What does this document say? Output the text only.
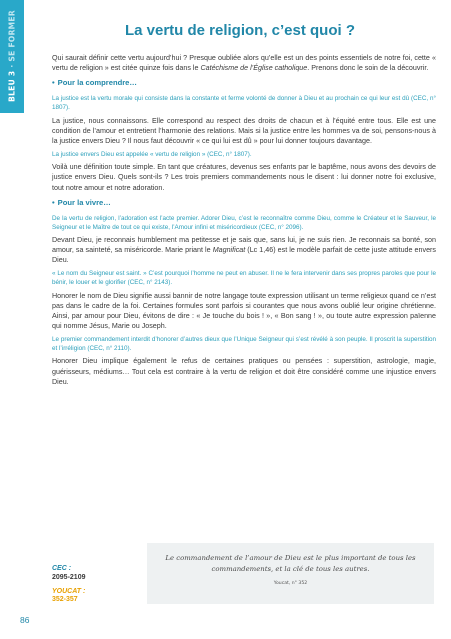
BLEU 3 · SE FORMER	La vertu de religion, c’est quoi ?

Qui saurait définir cette vertu aujourd’hui ? Presque oubliée alors qu’elle est un des points essentiels de notre foi, cette « vertu de religion » est citée quinze fois dans le Catéchisme de l’Église catholique. Prenons donc le soin de la découvrir.

• Pour la comprendre…

La justice est la vertu morale qui consiste dans la constante et ferme volonté de donner à Dieu et au prochain ce qui leur est dû (CEC, n° 1807).

La justice, nous connaissons. Elle correspond au respect des droits de chacun et à l’équité entre tous. Elle est une condition de l’amour et entretient l’harmonie des relations. Mais si la justice entre les hommes va de soi, pensons-nous à la justice envers Dieu ? Il nous faut découvrir « ce qui lui est dû » pour lui donner toujours davantage.

La justice envers Dieu est appelée « vertu de religion » (CEC, n° 1807).

Voilà une définition toute simple. En tant que créatures, devenus ses enfants par le baptême, nous avons des devoirs de justice envers Dieu. Quels sont-ils ? Les trois premiers commandements nous le disent : lui donner notre foi exclusive, tout notre amour et notre adoration.

• Pour la vivre…

De la vertu de religion, l’adoration est l’acte premier. Adorer Dieu, c’est le reconnaître comme Dieu, comme le Créateur et le Sauveur, le Seigneur et le Maître de tout ce qui existe, l’Amour infini et miséricordieux (CEC, n° 2096).

Devant Dieu, je reconnais humblement ma petitesse et je sais que, sans lui, je ne suis rien. Je reconnais sa bonté, son amour, sa sainteté, sa miséricorde. Marie priant le Magnificat (Lc 1,46) est le modèle parfait de cette juste attitude envers Dieu.

« Le nom du Seigneur est saint. » C’est pourquoi l’homme ne peut en abuser. Il ne le fera intervenir dans ses propres paroles que pour le bénir, le louer et le glorifier (CEC, n° 2143).

Honorer le nom de Dieu signifie aussi bannir de notre langage toute expression utilisant un terme religieux quand ce n’est pas dans le cadre de la foi. Certaines formules sont parfois si courantes que nous avons oublié leur origine chrétienne. Ainsi, par amour pour Dieu, évitons de dire : « Je touche du bois ! », « Bon sang ! », ou toute autre expression païenne qui nomme Jésus, Marie ou Joseph.

Le premier commandement interdit d’honorer d’autres dieux que l’Unique Seigneur qui s’est révélé à son peuple. Il proscrit la superstition et l’irréligion (CEC, n° 2110).

Honorer Dieu implique également le refus de certaines pratiques ou pensées : superstition, astrologie, magie, guérisseurs, médiums… Tout cela est contraire à la vertu de religion et doit être considéré comme une injustice envers Dieu.

CEC :
2095-2109
YOUCAT :
352-357
Le commandement de l’amour de Dieu est le plus important de tous les commandements, et la clé de tous les autres.
Youcat, n° 352
86
